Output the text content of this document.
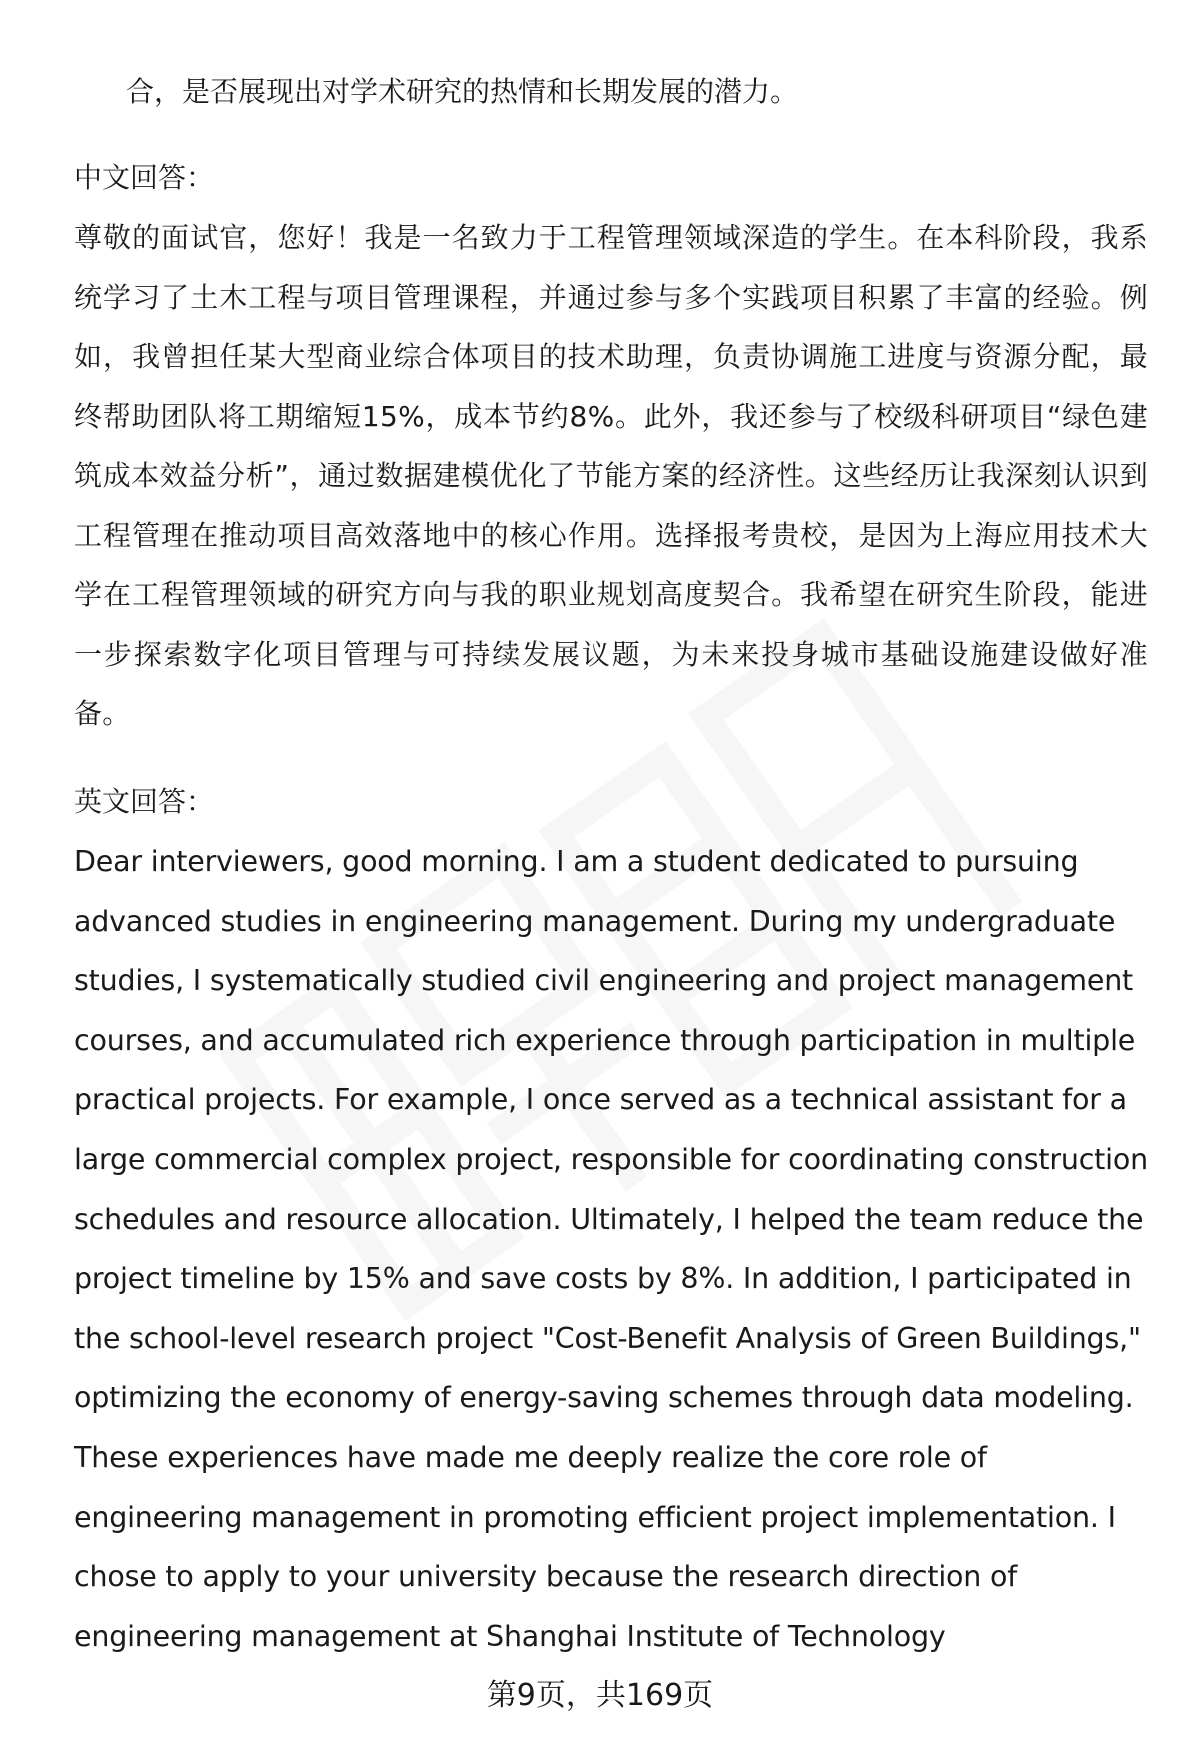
合，是否展现出对学术研究的热情和长期发展的潜力。

中文回答：

尊敬的面试官，您好！我是一名致力于工程管理领域深造的学生。在本科阶段，我系统学习了土木工程与项目管理课程，并通过参与多个实践项目积累了丰富的经验。例如，我曾担任某大型商业综合体项目的技术助理，负责协调施工进度与资源分配，最终帮助团队将工期缩短15%，成本节约8%。此外，我还参与了校级科研项目“绿色建筑成本效益分析”，通过数据建模优化了节能方案的经济性。这些经历让我深刻认识到工程管理在推动项目高效落地中的核心作用。选择报考贵校，是因为上海应用技术大学在工程管理领域的研究方向与我的职业规划高度契合。我希望在研究生阶段，能进一步探索数字化项目管理与可持续发展议题，为未来投身城市基础设施建设做好准备。

英文回答：

Dear interviewers, good morning. I am a student dedicated to pursuing advanced studies in engineering management. During my undergraduate studies, I systematically studied civil engineering and project management courses, and accumulated rich experience through participation in multiple practical projects. For example, I once served as a technical assistant for a large commercial complex project, responsible for coordinating construction schedules and resource allocation. Ultimately, I helped the team reduce the project timeline by 15% and save costs by 8%. In addition, I participated in the school-level research project "Cost-Benefit Analysis of Green Buildings," optimizing the economy of energy-saving schemes through data modeling. These experiences have made me deeply realize the core role of engineering management in promoting efficient project implementation. I chose to apply to your university because the research direction of engineering management at Shanghai Institute of Technology

第9页，共169页
